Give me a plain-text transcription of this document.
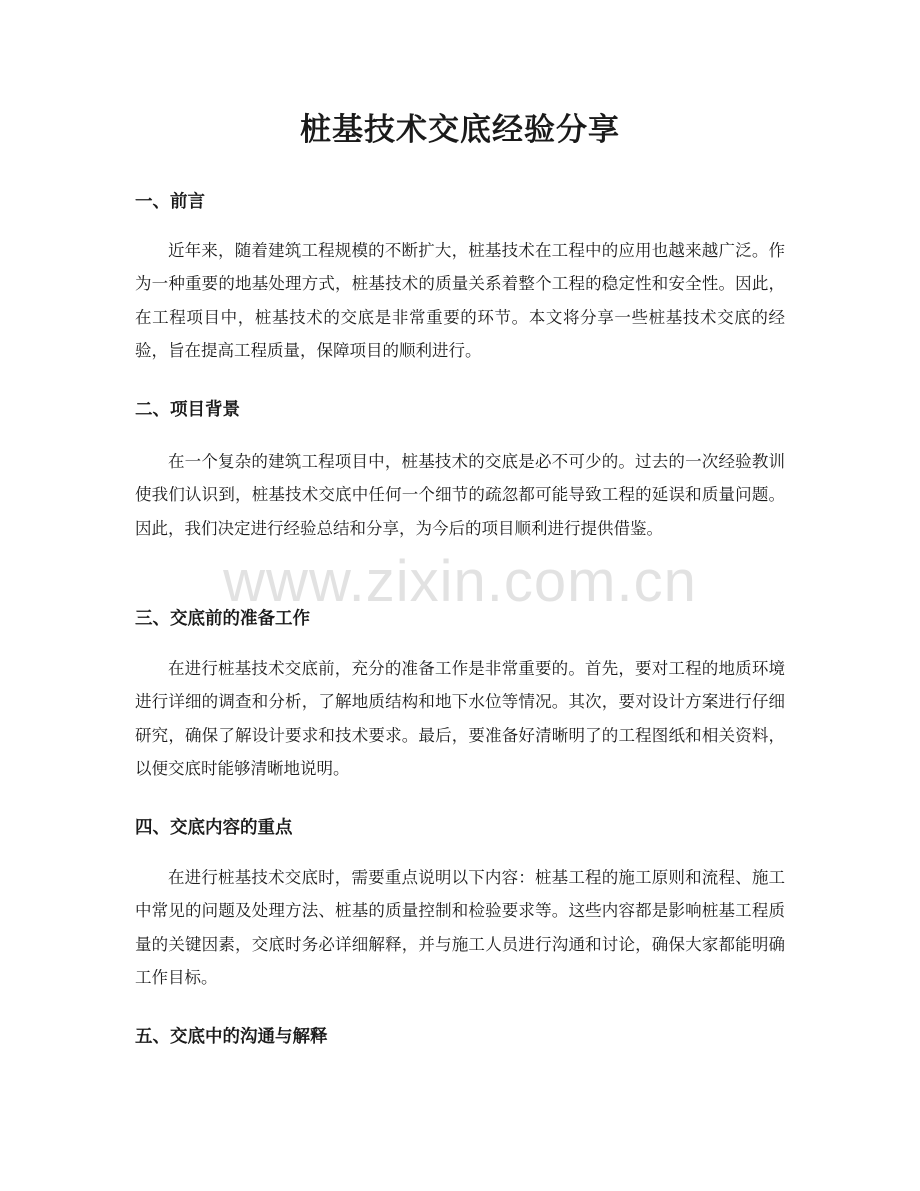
桩基技术交底经验分享
一、前言

近年来，随着建筑工程规模的不断扩大，桩基技术在工程中的应用也越来越广泛。作为一种重要的地基处理方式，桩基技术的质量关系着整个工程的稳定性和安全性。因此，在工程项目中，桩基技术的交底是非常重要的环节。本文将分享一些桩基技术交底的经验，旨在提高工程质量，保障项目的顺利进行。

二、项目背景

在一个复杂的建筑工程项目中，桩基技术的交底是必不可少的。过去的一次经验教训使我们认识到，桩基技术交底中任何一个细节的疏忽都可能导致工程的延误和质量问题。因此，我们决定进行经验总结和分享，为今后的项目顺利进行提供借鉴。

三、交底前的准备工作

在进行桩基技术交底前，充分的准备工作是非常重要的。首先，要对工程的地质环境进行详细的调查和分析，了解地质结构和地下水位等情况。其次，要对设计方案进行仔细研究，确保了解设计要求和技术要求。最后，要准备好清晰明了的工程图纸和相关资料，以便交底时能够清晰地说明。

四、交底内容的重点

在进行桩基技术交底时，需要重点说明以下内容：桩基工程的施工原则和流程、施工中常见的问题及处理方法、桩基的质量控制和检验要求等。这些内容都是影响桩基工程质量的关键因素，交底时务必详细解释，并与施工人员进行沟通和讨论，确保大家都能明确工作目标。

五、交底中的沟通与解释
www.zixin.com.cn
